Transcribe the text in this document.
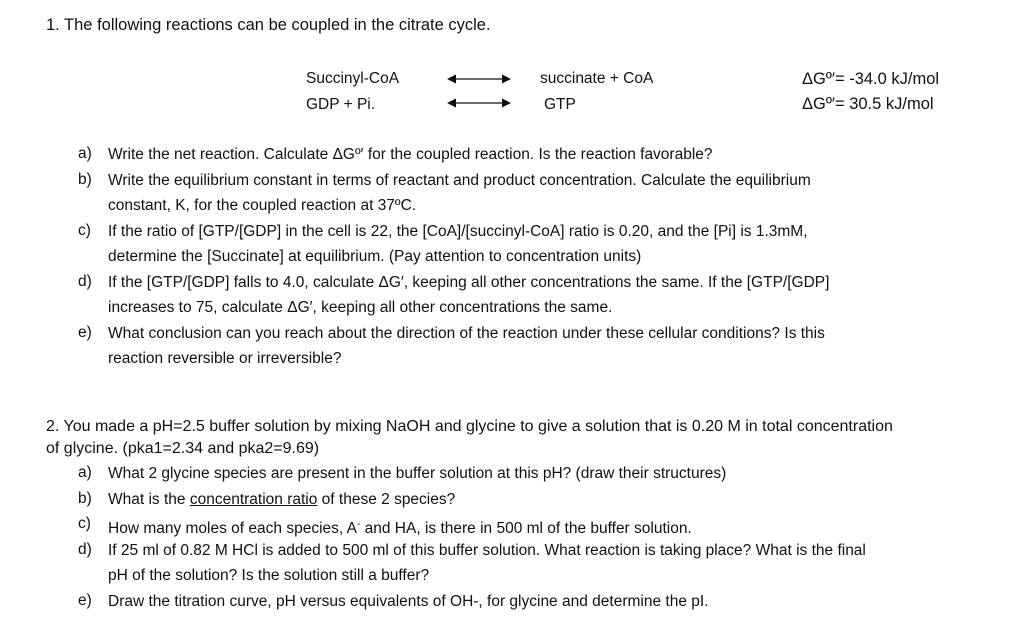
1. The following reactions can be coupled in the citrate cycle.
Succinyl-CoA	succinate + CoA	ΔGº′= -34.0 kJ/mol
GDP + Pi.	GTP	ΔGº′= 30.5 kJ/mol
a) Write the net reaction. Calculate ΔGº′ for the coupled reaction. Is the reaction favorable?
b) Write the equilibrium constant in terms of reactant and product concentration. Calculate the equilibrium
constant, K, for the coupled reaction at 37ºC.
c) If the ratio of [GTP/[GDP] in the cell is 22, the [CoA]/[succinyl-CoA] ratio is 0.20, and the [Pi] is 1.3mM,
determine the [Succinate] at equilibrium. (Pay attention to concentration units)
d) If the [GTP/[GDP] falls to 4.0, calculate ΔG′, keeping all other concentrations the same. If the [GTP/[GDP]
increases to 75, calculate ΔG′, keeping all other concentrations the same.
e) What conclusion can you reach about the direction of the reaction under these cellular conditions? Is this
reaction reversible or irreversible?
2. You made a pH=2.5 buffer solution by mixing NaOH and glycine to give a solution that is 0.20 M in total concentration
of glycine. (pka1=2.34 and pka2=9.69)
a) What 2 glycine species are present in the buffer solution at this pH? (draw their structures)
b) What is the concentration ratio of these 2 species?
c) How many moles of each species, A- and HA, is there in 500 ml of the buffer solution.
d) If 25 ml of 0.82 M HCl is added to 500 ml of this buffer solution. What reaction is taking place? What is the final
pH of the solution? Is the solution still a buffer?
e) Draw the titration curve, pH versus equivalents of OH-, for glycine and determine the pI.
